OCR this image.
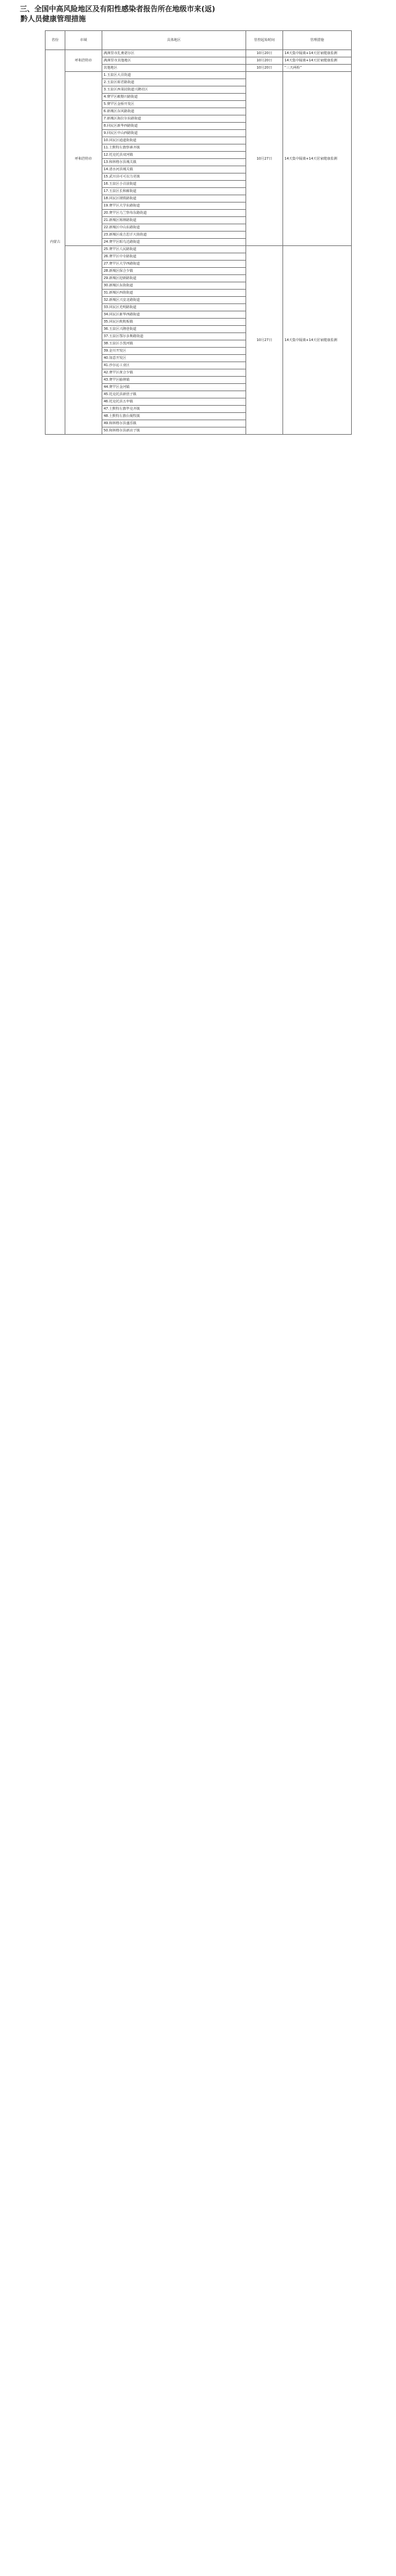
三、全国中高风险地区及有阳性感染者报告所在地级市来(返)
黔人员健康管理措施
省份	市域	具体地区	管控起始时间	管理措施
内蒙古	呼和浩特市	满洲里市扎赉诺尔区	10月20日	14天集中隔离+14天居家健康监测
		满洲里市其他地区	10月20日	14天集中隔离+14天居家健康监测
		其他地区	10月20日	“三天两检”
	呼和浩特市	1.玉泉区大召街道	10月27日	14天集中隔离+14天居家健康监测
		2.玉泉区昭君路街道		
		3.玉泉区西菜园街道兴隆社区		
		4.赛罕区敕勒川路街道		
		5.赛罕区金桥开发区		
		6.新城区东风路街道		
		7.新城区海拉尔东路街道		
		8.回民区新华西路街道		
		9.回民区中山西路街道		
		10.回民区通道街街道		
		11.土默特左旗察素齐镇		
		12.托克托县双河镇		
		13.和林格尔县城关镇		
		14.清水河县城关镇		
		15.武川县可可以力更镇		
		16.玉泉区小召前街道		
		17.玉泉区长和廊街道		
		18.回民区钢铁路街道		
		19.赛罕区大学东路街道		
		20.赛罕区乌兰察布东路街道		
		21.新城区锡林路街道		
		22.新城区中山东路街道		
		23.新城区成吉思汗大街街道		
		24.赛罕区昭乌达路街道		
		25.赛罕区人民路街道	10月27日	14天集中隔离+14天居家健康监测
		26.赛罕区中专路街道		
		27.赛罕区大学西路街道		
		28.新城区保合少镇		
		29.新城区迎新路街道		
		30.新城区东街街道		
		31.新城区西街街道		
		32.新城区兴安北路街道		
		33.回民区光明路街道		
		34.回民区新华西路街道		
		35.回民区攸攸板镇		
		36.玉泉区兴隆巷街道		
		37.玉泉区鄂尔多斯路街道		
		38.玉泉区小黑河镇		
		39.金川开发区		
		40.如意开发区		
		41.沙尔沁工业区		
		42.赛罕区黄合少镇		
		43.赛罕区榆林镇		
		44.赛罕区金河镇		
		45.托克托县新营子镇		
		46.托克托县五申镇		
		47.土默特左旗毕克齐镇		
		48.土默特左旗台阁牧镇		
		49.和林格尔县盛乐镇		
		50.和林格尔县新店子镇		
